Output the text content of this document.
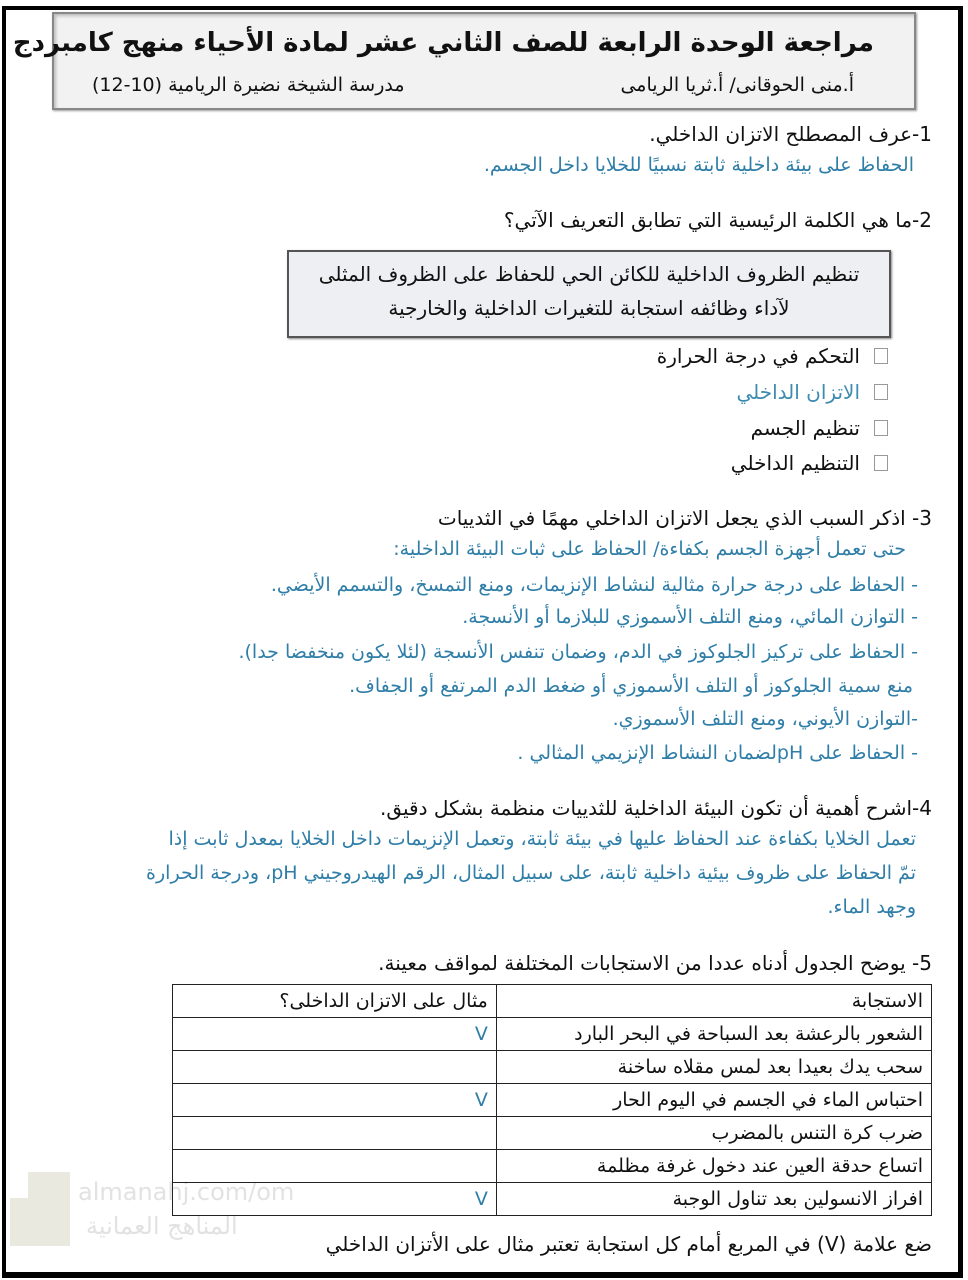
almanahj.com/om
المناهج العمانية
مراجعة الوحدة الرابعة للصف الثاني عشر لمادة الأحياء منهج كامبردج
أ.منى الحوقانى/ أ.ثريا الريامى
مدرسة الشيخة نضيرة الريامية (10-12)
1-عرف المصطلح الاتزان الداخلي.
الحفاظ على بيئة داخلية ثابتة نسبيًا للخلايا داخل الجسم.
2-ما هي الكلمة الرئيسية التي تطابق التعريف الآتي؟
تنظيم الظروف الداخلية للكائن الحي للحفاظ على الظروف المثلى
لآداء وظائفه استجابة للتغيرات الداخلية والخارجية
التحكم في درجة الحرارة
الاتزان الداخلي
تنظيم الجسم
التنظيم الداخلي
3- اذكر السبب الذي يجعل الاتزان الداخلي مهمًا في الثدييات
حتى تعمل أجهزة الجسم بكفاءة/ الحفاظ على ثبات البيئة الداخلية:
- الحفاظ على درجة حرارة مثالية لنشاط الإنزيمات، ومنع التمسخ، والتسمم الأيضي.
- التوازن المائي، ومنع التلف الأسموزي للبلازما أو الأنسجة.
- الحفاظ على تركيز الجلوكوز في الدم، وضمان تنفس الأنسجة (لئلا يكون منخفضا جدا).
منع سمية الجلوكوز أو التلف الأسموزي أو ضغط الدم المرتفع أو الجفاف.
-التوازن الأيوني، ومنع التلف الأسموزي.
- الحفاظ على pHلضمان النشاط الإنزيمي المثالي .
4-اشرح أهمية أن تكون البيئة الداخلية للثدييات منظمة بشكل دقيق.
تعمل الخلايا بكفاءة عند الحفاظ عليها في بيئة ثابتة، وتعمل الإنزيمات داخل الخلايا بمعدل ثابت إذا
تمّ الحفاظ على ظروف بيئية داخلية ثابتة، على سبيل المثال، الرقم الهيدروجيني pH، ودرجة الحرارة
وجهد الماء.
5- يوضح الجدول أدناه عددا من الاستجابات المختلفة لمواقف معينة.
الاستجابة	مثال على الاتزان الداخلى؟
الشعور بالرعشة بعد السباحة في البحر البارد	V
سحب يدك بعيدا بعد لمس مقلاه ساخنة	
احتباس الماء في الجسم في اليوم الحار	V
ضرب كرة التنس بالمضرب	
اتساع حدقة العين عند دخول غرفة مظلمة	
افراز الانسولين بعد تناول الوجبة	V
ضع علامة (V) في المربع أمام كل استجابة تعتبر مثال على الأتزان الداخلي
